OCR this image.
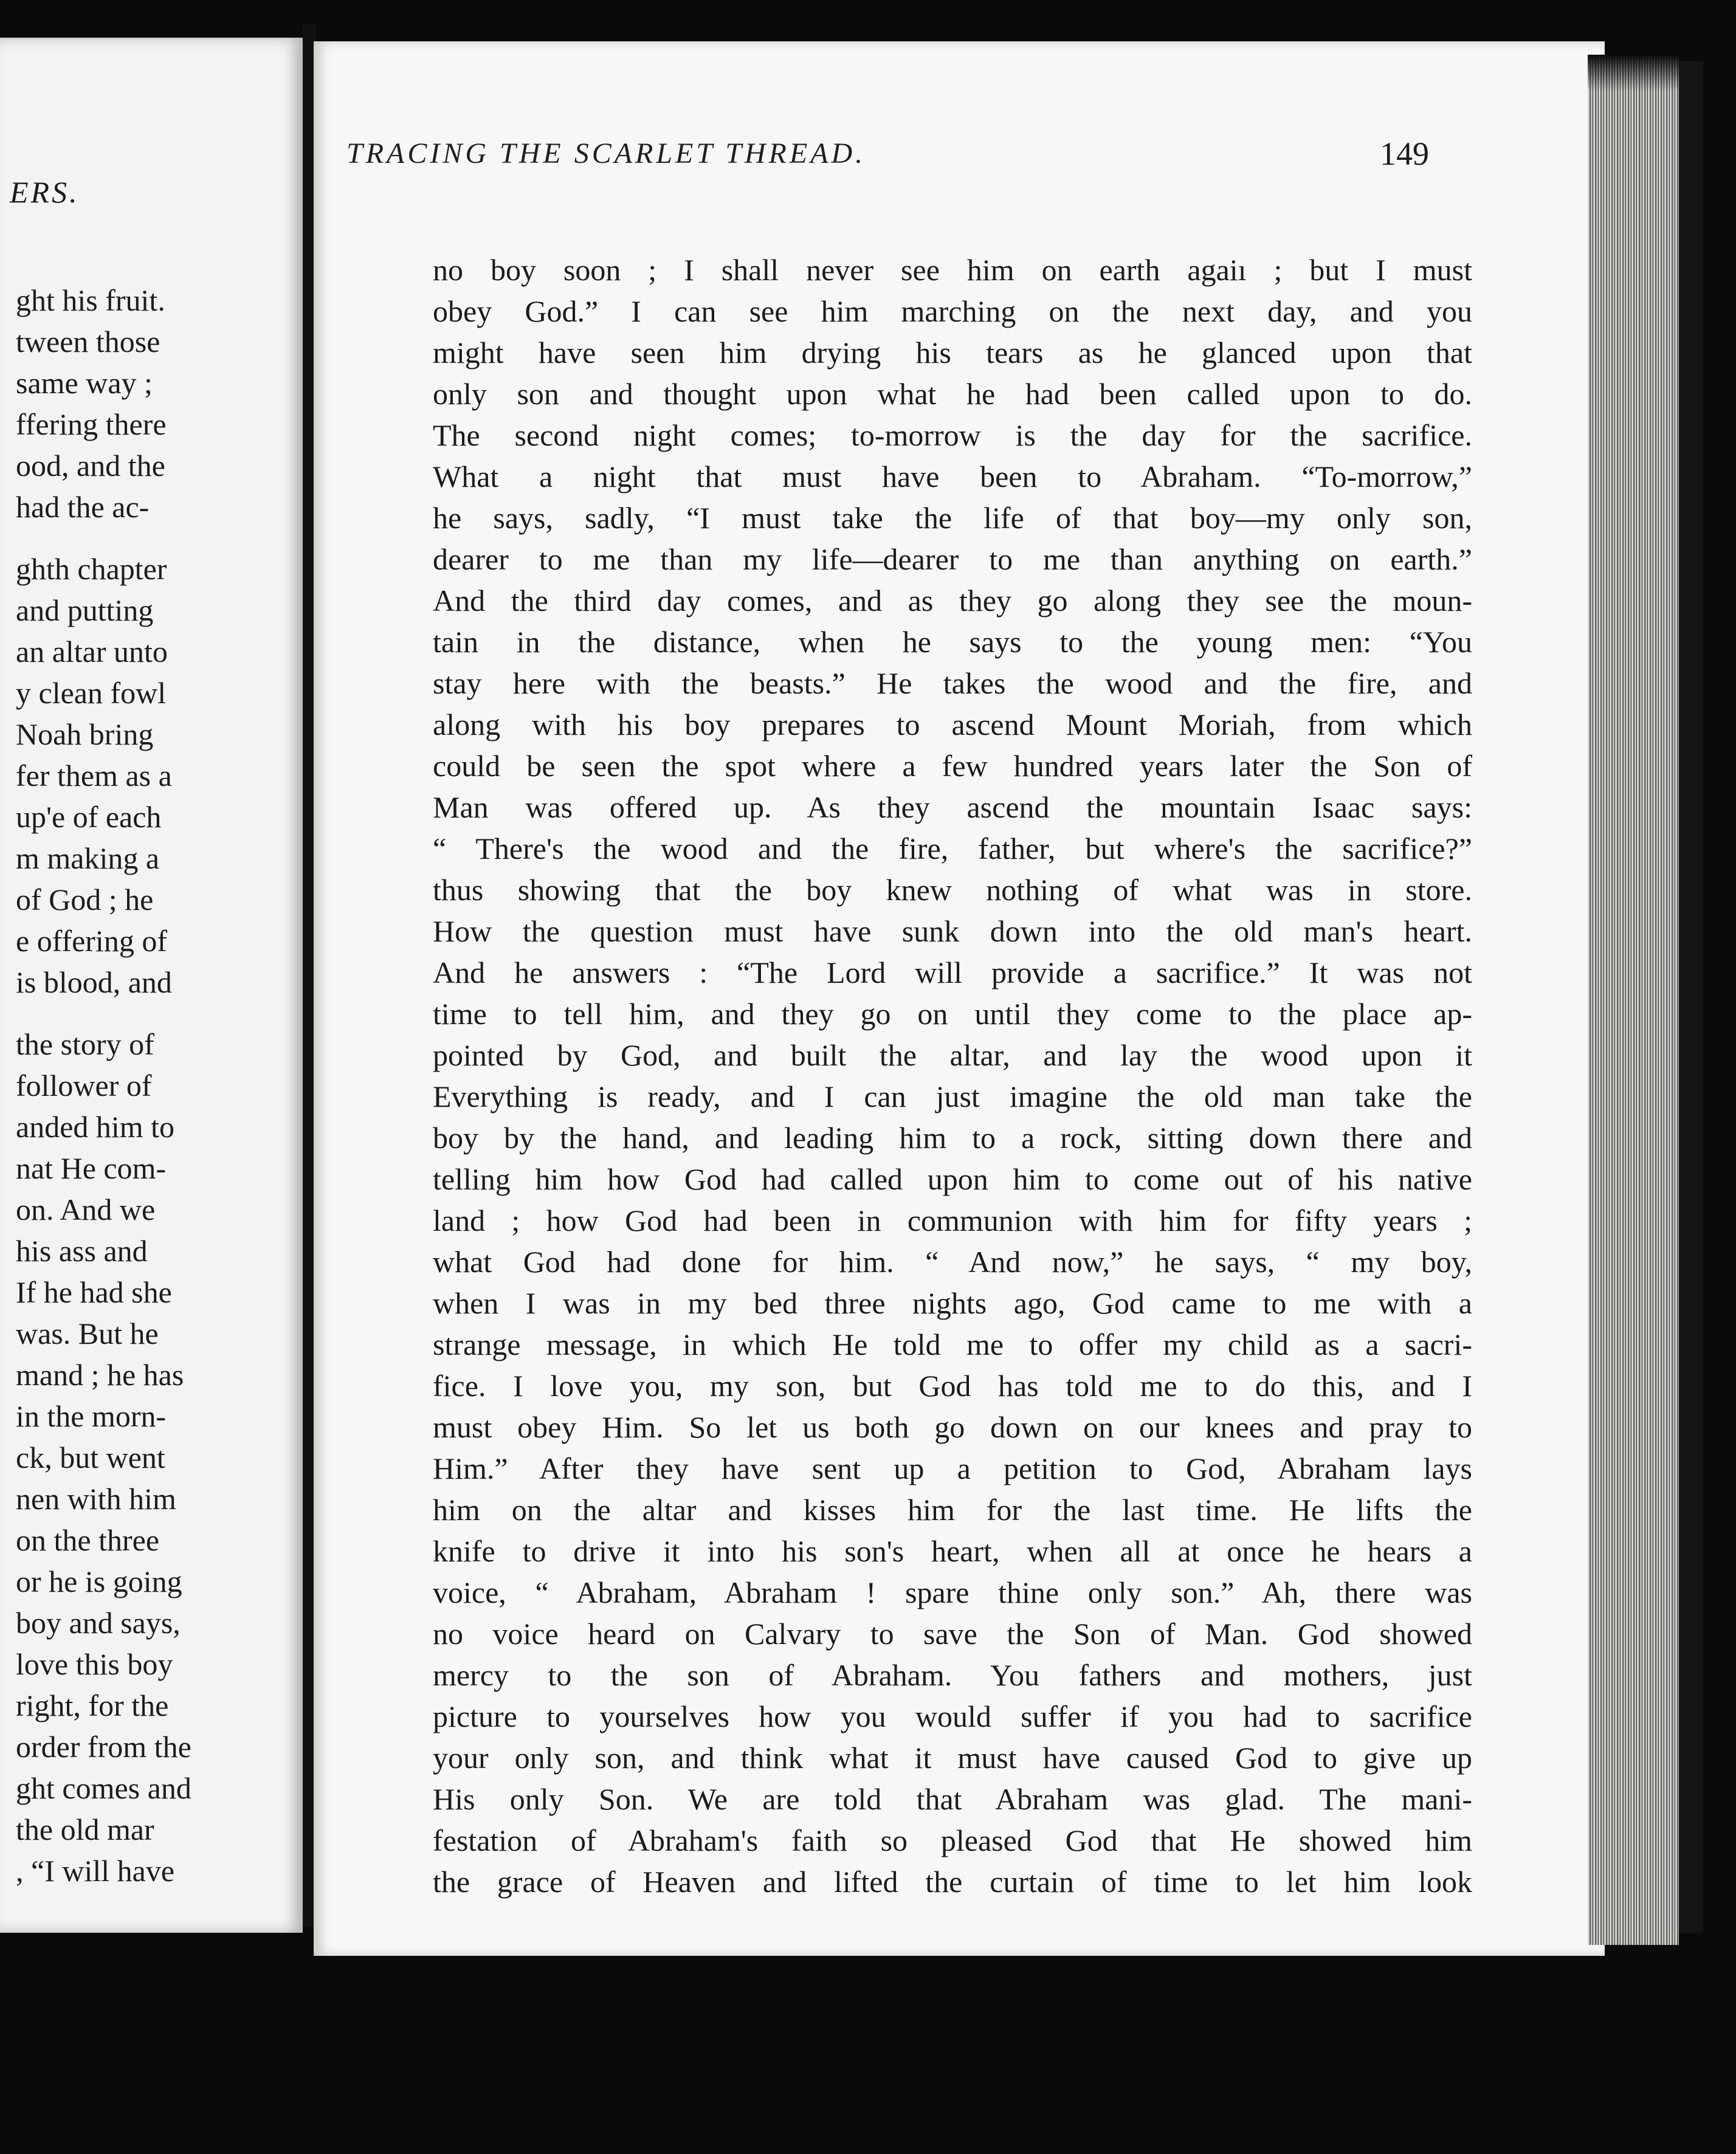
ERS.
ght his fruit.
tween those
same way ;
ffering there
ood, and the
had the ac-
ghth chapter
and putting
an altar unto
y clean fowl
Noah bring
fer them as a
up'e of each
m making a
of God ; he
e offering of
is blood, and
the story of
follower of
anded him to
nat He com-
on. And we
his ass and
If he had she
was. But he
mand ; he has
in the morn-
ck, but went
nen with him
on the three
or he is going
boy and says,
love this boy
right, for the
order from the
ght comes and
the old mar
, “I will have
TRACING THE SCARLET THREAD.	149
no boy soon ; I shall never see him on earth agaiı ; but I must
obey God.” I can see him marching on the next day, and you
might have seen him drying his tears as he glanced upon that
only son and thought upon what he had been called upon to do.
The second night comes; to-morrow is the day for the sacrifice.
What a night that must have been to Abraham. “To-morrow,”
he says, sadly, “I must take the life of that boy—my only son,
dearer to me than my life—dearer to me than anything on earth.”
And the third day comes, and as they go along they see the moun-
tain in the distance, when he says to the young men: “You
stay here with the beasts.” He takes the wood and the fire, and
along with his boy prepares to ascend Mount Moriah, from which
could be seen the spot where a few hundred years later the Son of
Man was offered up. As they ascend the mountain Isaac says:
“ There's the wood and the fire, father, but where's the sacrifice?”
thus showing that the boy knew nothing of what was in store.
How the question must have sunk down into the old man's heart.
And he answers : “The Lord will provide a sacrifice.” It was not
time to tell him, and they go on until they come to the place ap-
pointed by God, and built the altar, and lay the wood upon it
Everything is ready, and I can just imagine the old man take the
boy by the hand, and leading him to a rock, sitting down there and
telling him how God had called upon him to come out of his native
land ; how God had been in communion with him for fifty years ;
what God had done for him. “ And now,” he says, “ my boy,
when I was in my bed three nights ago, God came to me with a
strange message, in which He told me to offer my child as a sacri-
fice. I love you, my son, but God has told me to do this, and I
must obey Him. So let us both go down on our knees and pray to
Him.” After they have sent up a petition to God, Abraham lays
him on the altar and kisses him for the last time. He lifts the
knife to drive it into his son's heart, when all at once he hears a
voice, “ Abraham, Abraham ! spare thine only son.” Ah, there was
no voice heard on Calvary to save the Son of Man. God showed
mercy to the son of Abraham. You fathers and mothers, just
picture to yourselves how you would suffer if you had to sacrifice
your only son, and think what it must have caused God to give up
His only Son. We are told that Abraham was glad. The mani-
festation of Abraham's faith so pleased God that He showed him
the grace of Heaven and lifted the curtain of time to let him look
